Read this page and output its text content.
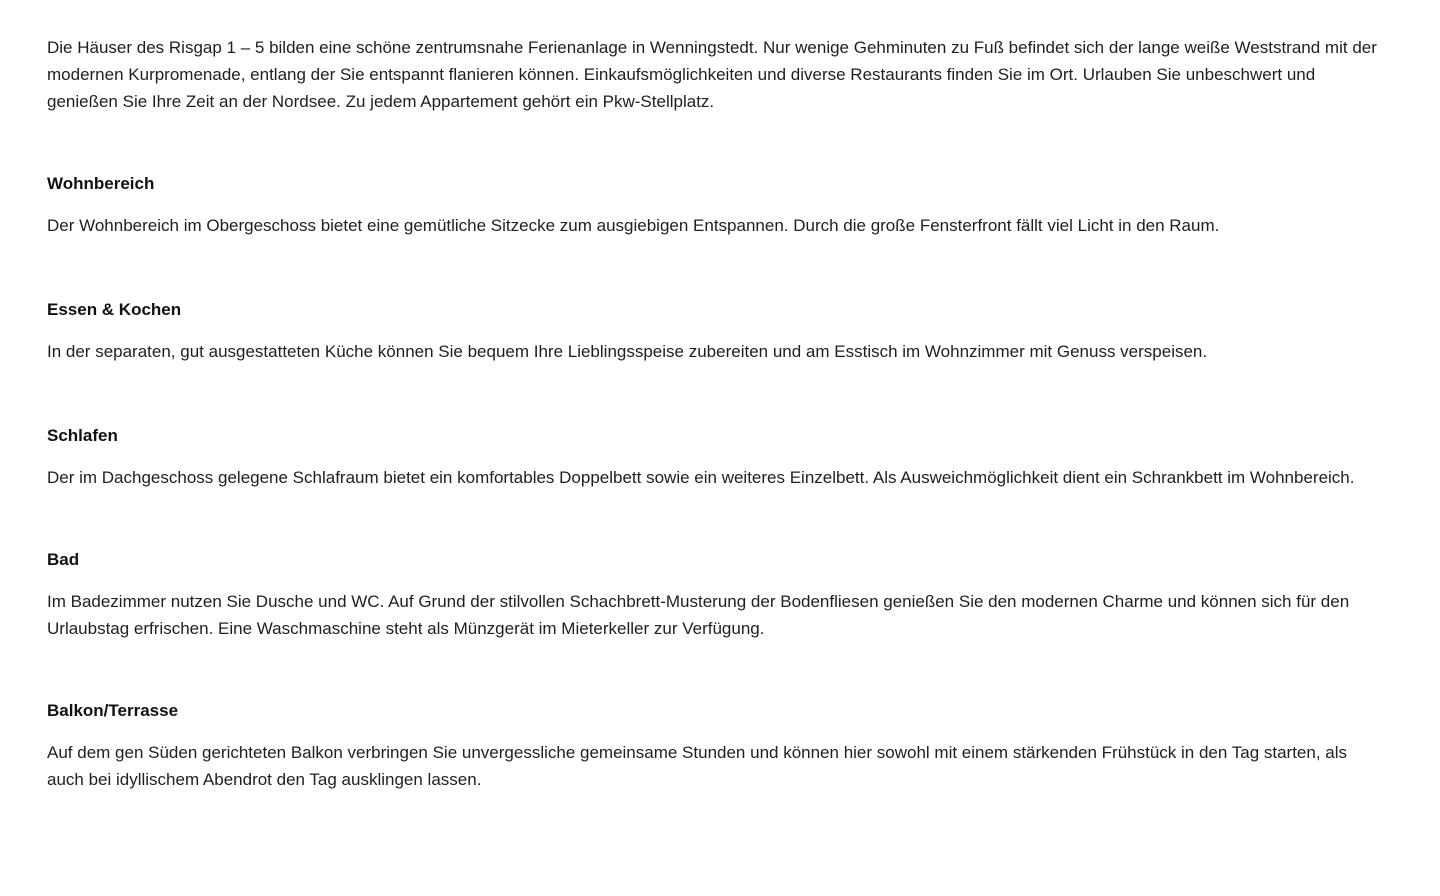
Die Häuser des Risgap 1 – 5 bilden eine schöne zentrumsnahe Ferienanlage in Wenningstedt. Nur wenige Gehminuten zu Fuß befindet sich der lange weiße Weststrand mit der modernen Kurpromenade, entlang der Sie entspannt flanieren können. Einkaufsmöglichkeiten und diverse Restaurants finden Sie im Ort. Urlauben Sie unbeschwert und genießen Sie Ihre Zeit an der Nordsee. Zu jedem Appartement gehört ein Pkw-Stellplatz.

Wohnbereich

Der Wohnbereich im Obergeschoss bietet eine gemütliche Sitzecke zum ausgiebigen Entspannen. Durch die große Fensterfront fällt viel Licht in den Raum.

Essen & Kochen

In der separaten, gut ausgestatteten Küche können Sie bequem Ihre Lieblingsspeise zubereiten und am Esstisch im Wohnzimmer mit Genuss verspeisen.

Schlafen

Der im Dachgeschoss gelegene Schlafraum bietet ein komfortables Doppelbett sowie ein weiteres Einzelbett. Als Ausweichmöglichkeit dient ein Schrankbett im Wohnbereich.

Bad

Im Badezimmer nutzen Sie Dusche und WC. Auf Grund der stilvollen Schachbrett-Musterung der Bodenfliesen genießen Sie den modernen Charme und können sich für den Urlaubstag erfrischen. Eine Waschmaschine steht als Münzgerät im Mieterkeller zur Verfügung.

Balkon/Terrasse

Auf dem gen Süden gerichteten Balkon verbringen Sie unvergessliche gemeinsame Stunden und können hier sowohl mit einem stärkenden Frühstück in den Tag starten, als auch bei idyllischem Abendrot den Tag ausklingen lassen.
